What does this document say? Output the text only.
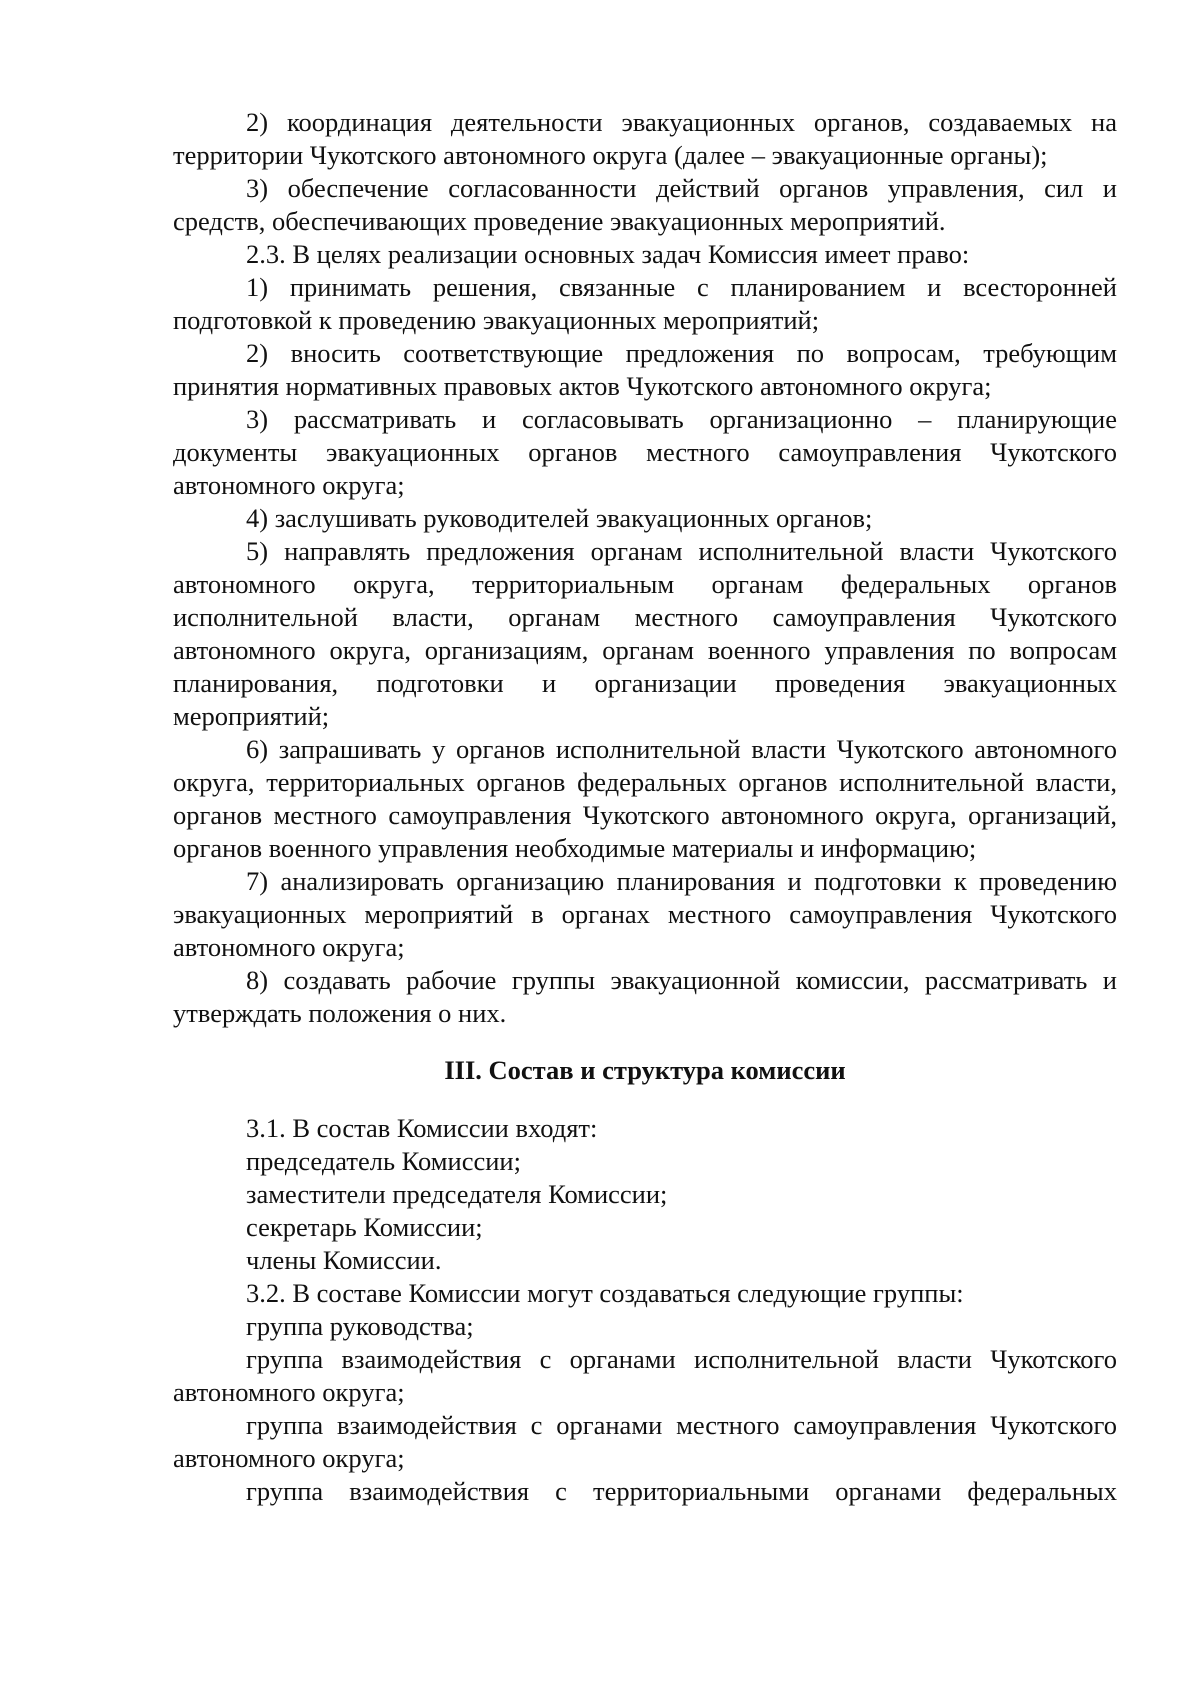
2) координация деятельности эвакуационных органов, создаваемых на территории Чукотского автономного округа (далее – эвакуационные органы);

3) обеспечение согласованности действий органов управления, сил и средств, обеспечивающих проведение эвакуационных мероприятий.

2.3. В целях реализации основных задач Комиссия имеет право:

1) принимать решения, связанные с планированием и всесторонней подготовкой к проведению эвакуационных мероприятий;

2) вносить соответствующие предложения по вопросам, требующим принятия нормативных правовых актов Чукотского автономного округа;

3) рассматривать и согласовывать организационно – планирующие документы эвакуационных органов местного самоуправления Чукотского автономного округа;

4) заслушивать руководителей эвакуационных органов;

5) направлять предложения органам исполнительной власти Чукотского автономного округа, территориальным органам федеральных органов исполнительной власти, органам местного самоуправления Чукотского автономного округа, организациям, органам военного управления по вопросам планирования, подготовки и организации проведения эвакуационных мероприятий;

6) запрашивать у органов исполнительной власти Чукотского автономного округа, территориальных органов федеральных органов исполнительной власти, органов местного самоуправления Чукотского автономного округа, организаций, органов военного управления необходимые материалы и информацию;

7) анализировать организацию планирования и подготовки к проведению эвакуационных мероприятий в органах местного самоуправления Чукотского автономного округа;

8) создавать рабочие группы эвакуационной комиссии, рассматривать и утверждать положения о них.

III. Состав и структура комиссии

3.1. В состав Комиссии входят:

председатель Комиссии;

заместители председателя Комиссии;

секретарь Комиссии;

члены Комиссии.

3.2. В составе Комиссии могут создаваться следующие группы:

группа руководства;

группа взаимодействия с органами исполнительной власти Чукотского автономного округа;

группа взаимодействия с органами местного самоуправления Чукотского автономного округа;

группа взаимодействия с территориальными органами федеральных
